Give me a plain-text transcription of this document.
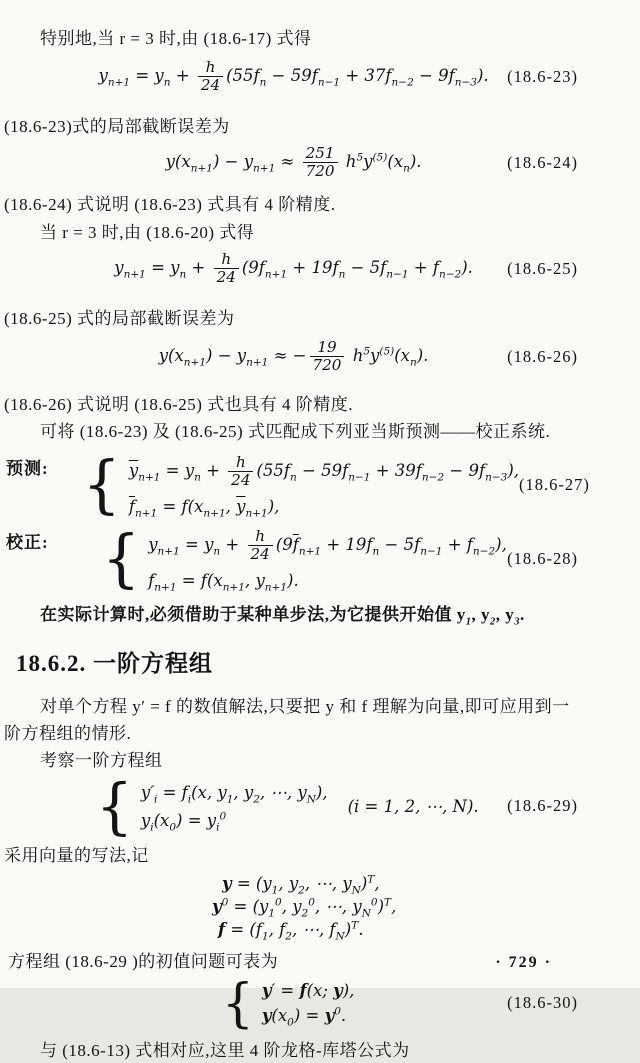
特别地,当 r = 3 时,由 (18.6-17) 式得

$y_{n+1} = y_n + \frac{h}{24} (55f_n - 59f_{n-1} + 37f_{n-2} - 9f_{n-3})$.	(18.6-23)

(18.6-23)式的局部截断误差为

$y(x_{n+1}) - y_{n+1} \approx \frac{251}{720} h^5y^{(5)}(x_n)$.	(18.6-24)

(18.6-24) 式说明 (18.6-23) 式具有 4 阶精度.

当 r = 3 时,由 (18.6-20) 式得

$y_{n+1} = y_n + \frac{h}{24} (9f_{n+1} + 19f_n - 5f_{n-1} + f_{n-2})$.	(18.6-25)

(18.6-25) 式的局部截断误差为

$y(x_{n+1}) - y_{n+1}$ ≈ − $\frac{19}{720} h^5y^{(5)}(x_n)$.	(18.6-26)

(18.6-26) 式说明 (18.6-25) 式也具有 4 阶精度.

可将 (18.6-23) 及 (18.6-25) 式匹配成下列亚当斯预测——校正系统.

预测: { $\overline{y}_{n+1} = y_n + \frac{h}{24} (55f_n - 59f_{n-1} + 39f_{n-2} - 9f_{n-3})$,
$\overline{f}_{n+1} = f(x_{n+1}$, $\overline{y}_{n+1}$),
(18.6-27)
校正: { $y_{n+1} = y_n + \frac{h}{24} (9\overline{f}_{n+1} + 19f_n - 5f_{n-1} + f_{n-2})$,
$f_{n+1} = f(x_{n+1}$, $y_{n+1}$).
(18.6-28)

在实际计算时,必须借助于某种单步法,为它提供开始值 $y_1$, $y_2$, $y_3$.

18.6.2. 一阶方程组

对单个方程 y′ = f 的数值解法,只要把 y 和 f 理解为向量,即可应用到一

阶方程组的情形.

考察一阶方程组

{ $y'_i = f_i(x$, $y_1$, $y_2$, ⋯, $y_N$),
$y_i(x_0) = y_i^0$
(i = 1, 2, ⋯, N). (18.6-29)

采用向量的写法,记

$y = (y_1$, $y_2$, ⋯, $y_N)^T$,
$y^0 = (y_1^0$, $y_2^0$, ⋯, $y_N^0)^T$,
$f = (f_1$, $f_2$, ⋯, $f_N)^T$.

方程组 (18.6-29 )的初值问题可表为

{ y′ = f(x; y),
$y(x_0) = y^0$.
(18.6-30)

与 (18.6-13) 式相对应,这里 4 阶龙格-库塔公式为

· 729 ·
